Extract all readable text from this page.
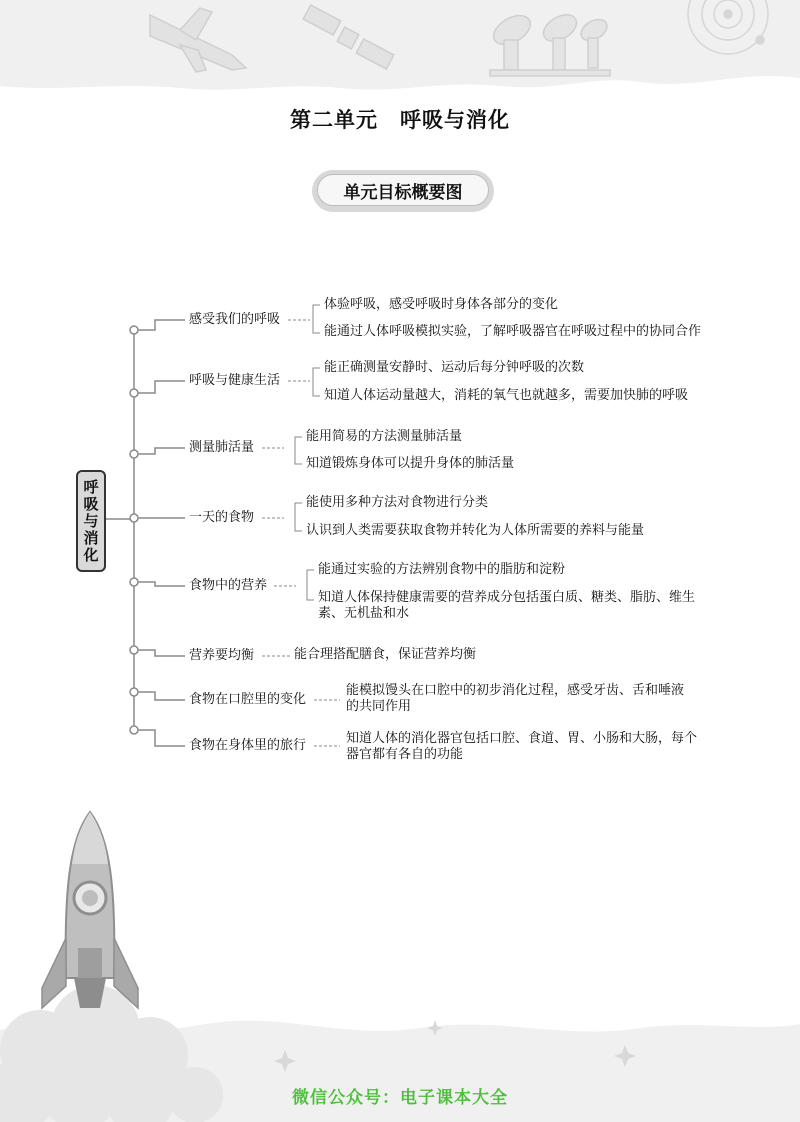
第二单元　呼吸与消化
单元目标概要图
呼吸与消化
感受我们的呼吸
体验呼吸，感受呼吸时身体各部分的变化
能通过人体呼吸模拟实验，了解呼吸器官在呼吸过程中的协同合作
呼吸与健康生活
能正确测量安静时、运动后每分钟呼吸的次数
知道人体运动量越大，消耗的氧气也就越多，需要加快肺的呼吸
测量肺活量
能用简易的方法测量肺活量
知道锻炼身体可以提升身体的肺活量
一天的食物
能使用多种方法对食物进行分类
认识到人类需要获取食物并转化为人体所需要的养料与能量
食物中的营养
能通过实验的方法辨别食物中的脂肪和淀粉
知道人体保持健康需要的营养成分包括蛋白质、糖类、脂肪、维生素、无机盐和水
营养要均衡	能合理搭配膳食，保证营养均衡
食物在口腔里的变化
能模拟馒头在口腔中的初步消化过程，感受牙齿、舌和唾液的共同作用
食物在身体里的旅行	知道人体的消化器官包括口腔、食道、胃、小肠和大肠，每个器官都有各自的功能
微信公众号：电子课本大全
